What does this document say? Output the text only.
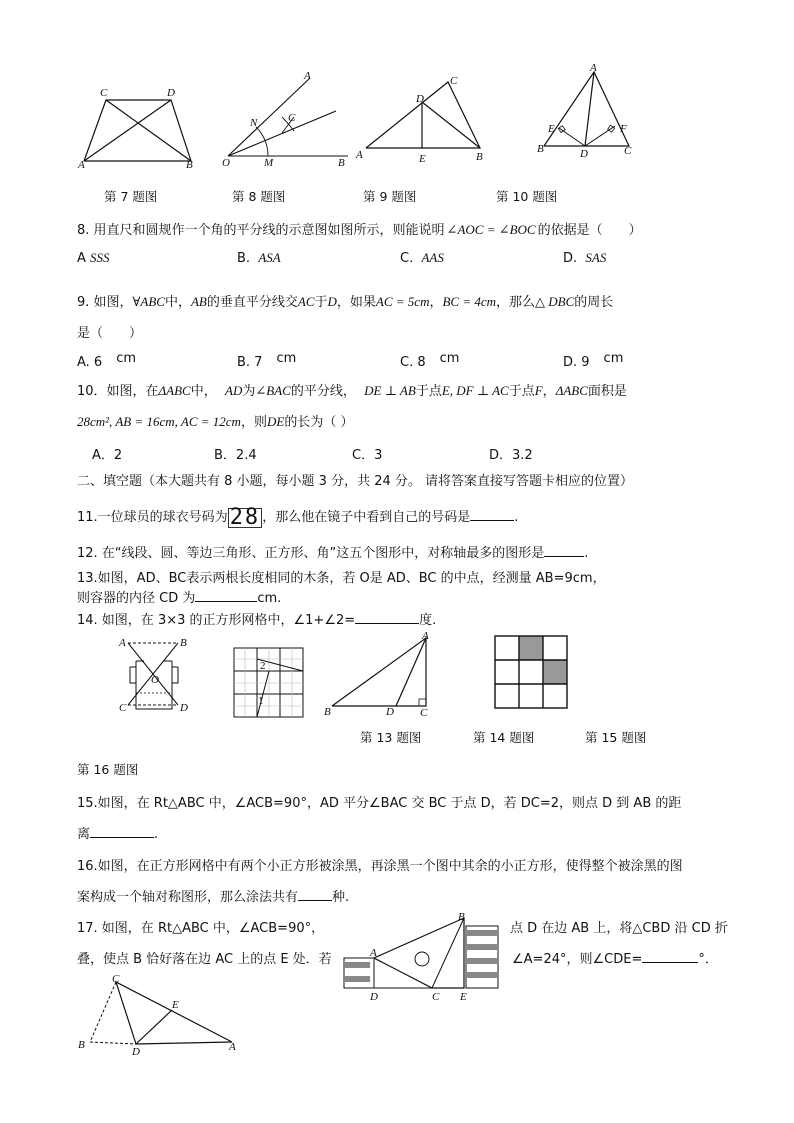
C	D
A	B
A
N	C
O	M	B
C
D
A	E	B
A
E	F
B	D	C
第 7 题图	第 8 题图	第 9 题图	第 10 题图
8. 用直尺和圆规作一个角的平分线的示意图如图所示，则能说明 ∠AOC = ∠BOC 的依据是（　　）
A SSS	B. ASA	C. AAS	D. SAS
9. 如图，∀ABC中，AB的垂直平分线交AC于D，如果AC = 5cm，BC = 4cm，那么△ DBC的周长
是（　　）
A. 6 cm	B. 7 cm	C. 8 cm	D. 9 cm
10．如图，在ΔABC中， AD为∠BAC的平分线， DE ⊥ AB于点E, DF ⊥ AC于点F，ΔABC面积是
28cm², AB = 16cm, AC = 12cm，则DE的长为（ ）
A．2	B．2.4	C．3	D．3.2
二、填空题（本大题共有 8 小题，每小题 3 分，共 24 分。 请将答案直接写答题卡相应的位置）
11.一位球员的球衣号码为28 ，那么他在镜子中看到自己的号码是	.
12. 在“线段、圆、等边三角形、正方形、角”这五个图形中，对称轴最多的图形是	.
13.如图，AD、BC表示两根长度相同的木条，若 O是 AD、BC 的中点，经测量 AB=9cm，
则容器的内径 CD 为	cm.
14. 如图，在 3×3 的正方形网格中，∠1+∠2=	度.
A	B
O
C	D
2
1
A
B	D C
第 13 题图	第 14 题图	第 15 题图
第 16 题图
15.如图，在 Rt△ABC 中，∠ACB=90°，AD 平分∠BAC 交 BC 于点 D，若 DC=2，则点 D 到 AB 的距
离	.
16.如图，在正方形网格中有两个小正方形被涂黑，再涂黑一个图中其余的小正方形，使得整个被涂黑的图
案构成一个轴对称图形，那么涂法共有	种.
17. 如图，在 Rt△ABC 中，∠ACB=90°，	点 D 在边 AB 上，将△CBD 沿 CD 折
叠，使点 B 恰好落在边 AC 上的点 E 处．若	∠A=24°，则∠CDE=	°．
B
A
D	C E
C
E
B
D	A
